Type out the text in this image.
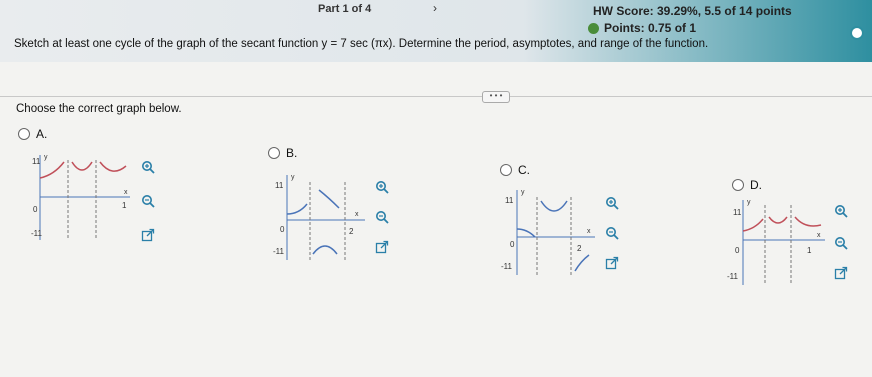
Part 1 of 4	›	HW Score: 39.29%, 5.5 of 14 points
Points: 0.75 of 1
Sketch at least one cycle of the graph of the secant function y = 7 sec (πx). Determine the period, asymptotes, and range of the function.
• • •
Choose the correct graph below.
A.
11
-11
0	1
x
y	B.
11
-11
0	2
x
y
C.
11
-11
0	2
x
y
D.
11
-11
0	1
x
y
